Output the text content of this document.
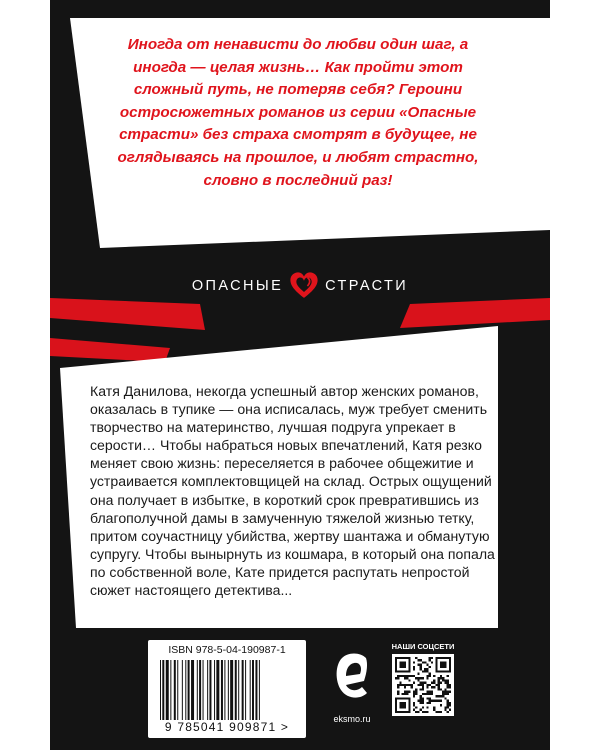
Иногда от ненависти до любви один шаг, а иногда — целая жизнь… Как пройти этот сложный путь, не потеряв себя? Героини остросюжетных романов из серии «Опасные страсти» без страха смотрят в будущее, не оглядываясь на прошлое, и любят страстно, словно в последний раз!

ОПАСНЫЕ	СТРАСТИ

Катя Данилова, некогда успешный автор женских романов, оказалась в тупике — она исписалась, муж требует сменить творчество на материнство, лучшая подруга упрекает в серости… Чтобы набраться новых впечатлений, Катя резко меняет свою жизнь: переселяется в рабочее общежитие и устраивается комплектовщицей на склад. Острых ощущений она получает в избытке, в короткий срок превратившись из благополучной дамы в замученную тяжелой жизнью тетку, притом соучастницу убийства, жертву шантажа и обманутую супругу. Чтобы вынырнуть из кошмара, в который она попала по собственной воле, Кате придется распутать непростой сюжет настоящего детектива...

ISBN 978-5-04-190987-1
9 785041 909871 >
eksmo.ru
НАШИ СОЦСЕТИ
